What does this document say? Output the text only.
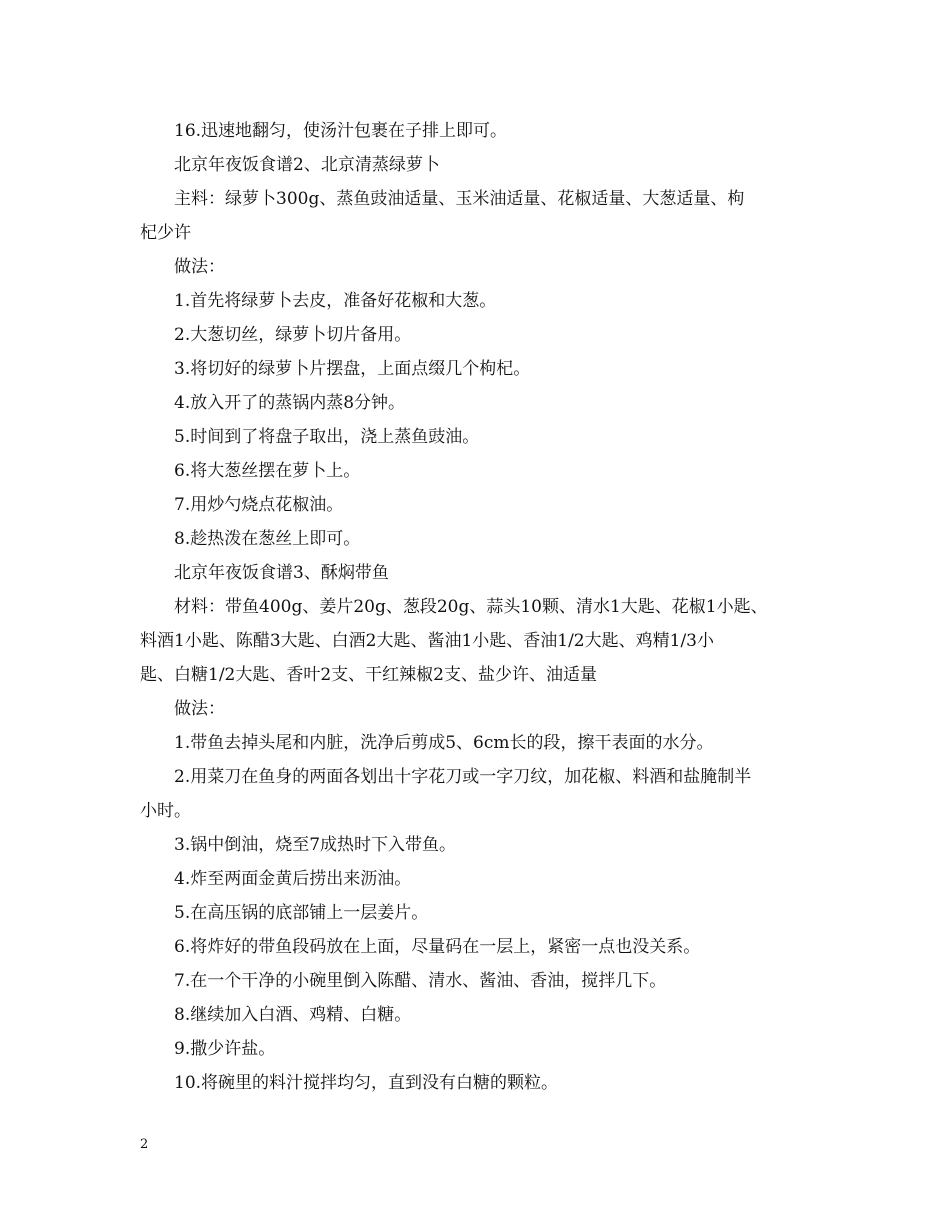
16.迅速地翻匀，使汤汁包裹在子排上即可。
北京年夜饭食谱2、北京清蒸绿萝卜
主料：绿萝卜300g、蒸鱼豉油适量、玉米油适量、花椒适量、大葱适量、枸
杞少许
做法：
1.首先将绿萝卜去皮，准备好花椒和大葱。
2.大葱切丝，绿萝卜切片备用。
3.将切好的绿萝卜片摆盘，上面点缀几个枸杞。
4.放入开了的蒸锅内蒸8分钟。
5.时间到了将盘子取出，浇上蒸鱼豉油。
6.将大葱丝摆在萝卜上。
7.用炒勺烧点花椒油。
8.趁热泼在葱丝上即可。
北京年夜饭食谱3、酥焖带鱼
材料：带鱼400g、姜片20g、葱段20g、蒜头10颗、清水1大匙、花椒1小匙、
料酒1小匙、陈醋3大匙、白酒2大匙、酱油1小匙、香油1/2大匙、鸡精1/3小
匙、白糖1/2大匙、香叶2支、干红辣椒2支、盐少许、油适量
做法：
1.带鱼去掉头尾和内脏，洗净后剪成5、6cm长的段，擦干表面的水分。
2.用菜刀在鱼身的两面各划出十字花刀或一字刀纹，加花椒、料酒和盐腌制半
小时。
3.锅中倒油，烧至7成热时下入带鱼。
4.炸至两面金黄后捞出来沥油。
5.在高压锅的底部铺上一层姜片。
6.将炸好的带鱼段码放在上面，尽量码在一层上，紧密一点也没关系。
7.在一个干净的小碗里倒入陈醋、清水、酱油、香油，搅拌几下。
8.继续加入白酒、鸡精、白糖。
9.撒少许盐。
10.将碗里的料汁搅拌均匀，直到没有白糖的颗粒。
2
